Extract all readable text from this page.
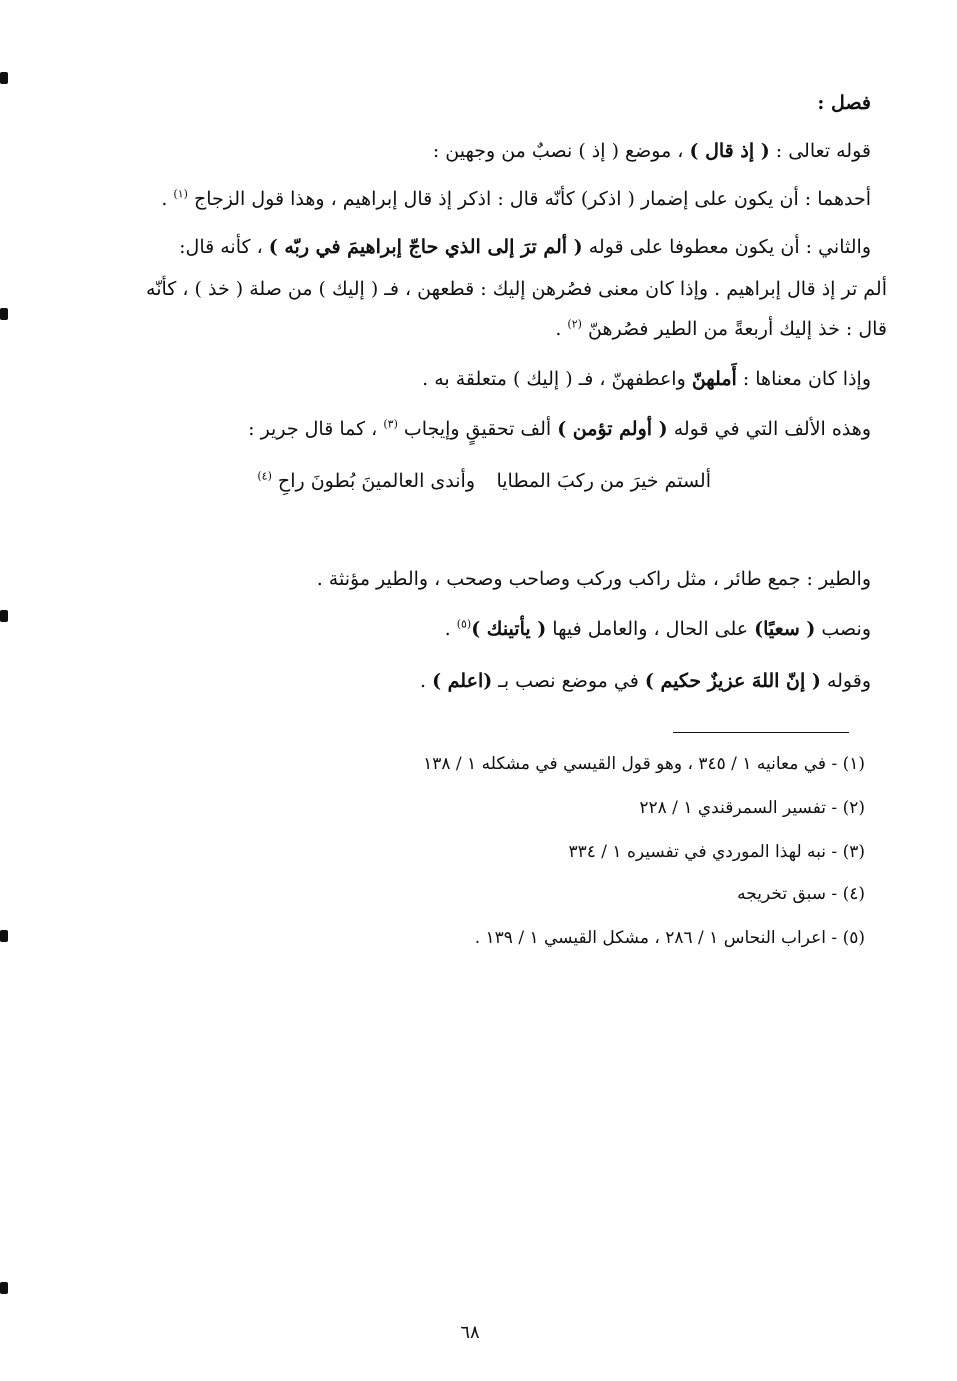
فصل :
قوله تعالى : ( إذ قال ) ، موضع ( إذ ) نصبٌ من وجهين :
أحدهما : أن يكون على إضمار ( اذكر) كأنّه قال : اذكر إذ قال إبراهيم ، وهذا قول الزجاج $^{(١)}$ .
والثاني : أن يكون معطوفا على قوله ( ألم ترَ إلى الذي حاجّ إبراهيمَ في ربّه ) ، كأنه قال:
ألم تر إذ قال إبراهيم . وإذا كان معنى فصُرهن إليك : قطعهن ، فـ ( إليك ) من صلة ( خذ ) ، كأنّه
قال : خذ إليك أربعةً من الطير فصُرهنّ $^{(٢)}$ .
وإذا كان معناها : أَملهنّ واعطفهنّ ، فـ ( إليك ) متعلقة به .
وهذه الألف التي في قوله ( أولم تؤمن ) ألف تحقيقٍ وإيجاب $^{(٣)}$ ، كما قال جرير :
ألستم خيرَ من ركبَ المطايا
وأندى العالمينَ بُطونَ راحِ $^{(٤)}$
والطير : جمع طائر ، مثل راكب وركب وصاحب وصحب ، والطير مؤنثة .
ونصب ( سعيًا) على الحال ، والعامل فيها ( يأتينك )$^{(٥)}$ .
وقوله ( إنّ اللهَ عزيزٌ حكيم ) في موضع نصب بـ (اعلم ) .
(١) - في معانيه ١ / ٣٤٥ ، وهو قول القيسي في مشكله ١ / ١٣٨
(٢) - تفسير السمرقندي ١ / ٢٢٨
(٣) - نبه لهذا الموردي في تفسيره ١ / ٣٣٤
(٤) - سبق تخريجه
(٥) - اعراب النحاس ١ / ٢٨٦ ، مشكل القيسي ١ / ١٣٩ .
٦٨
